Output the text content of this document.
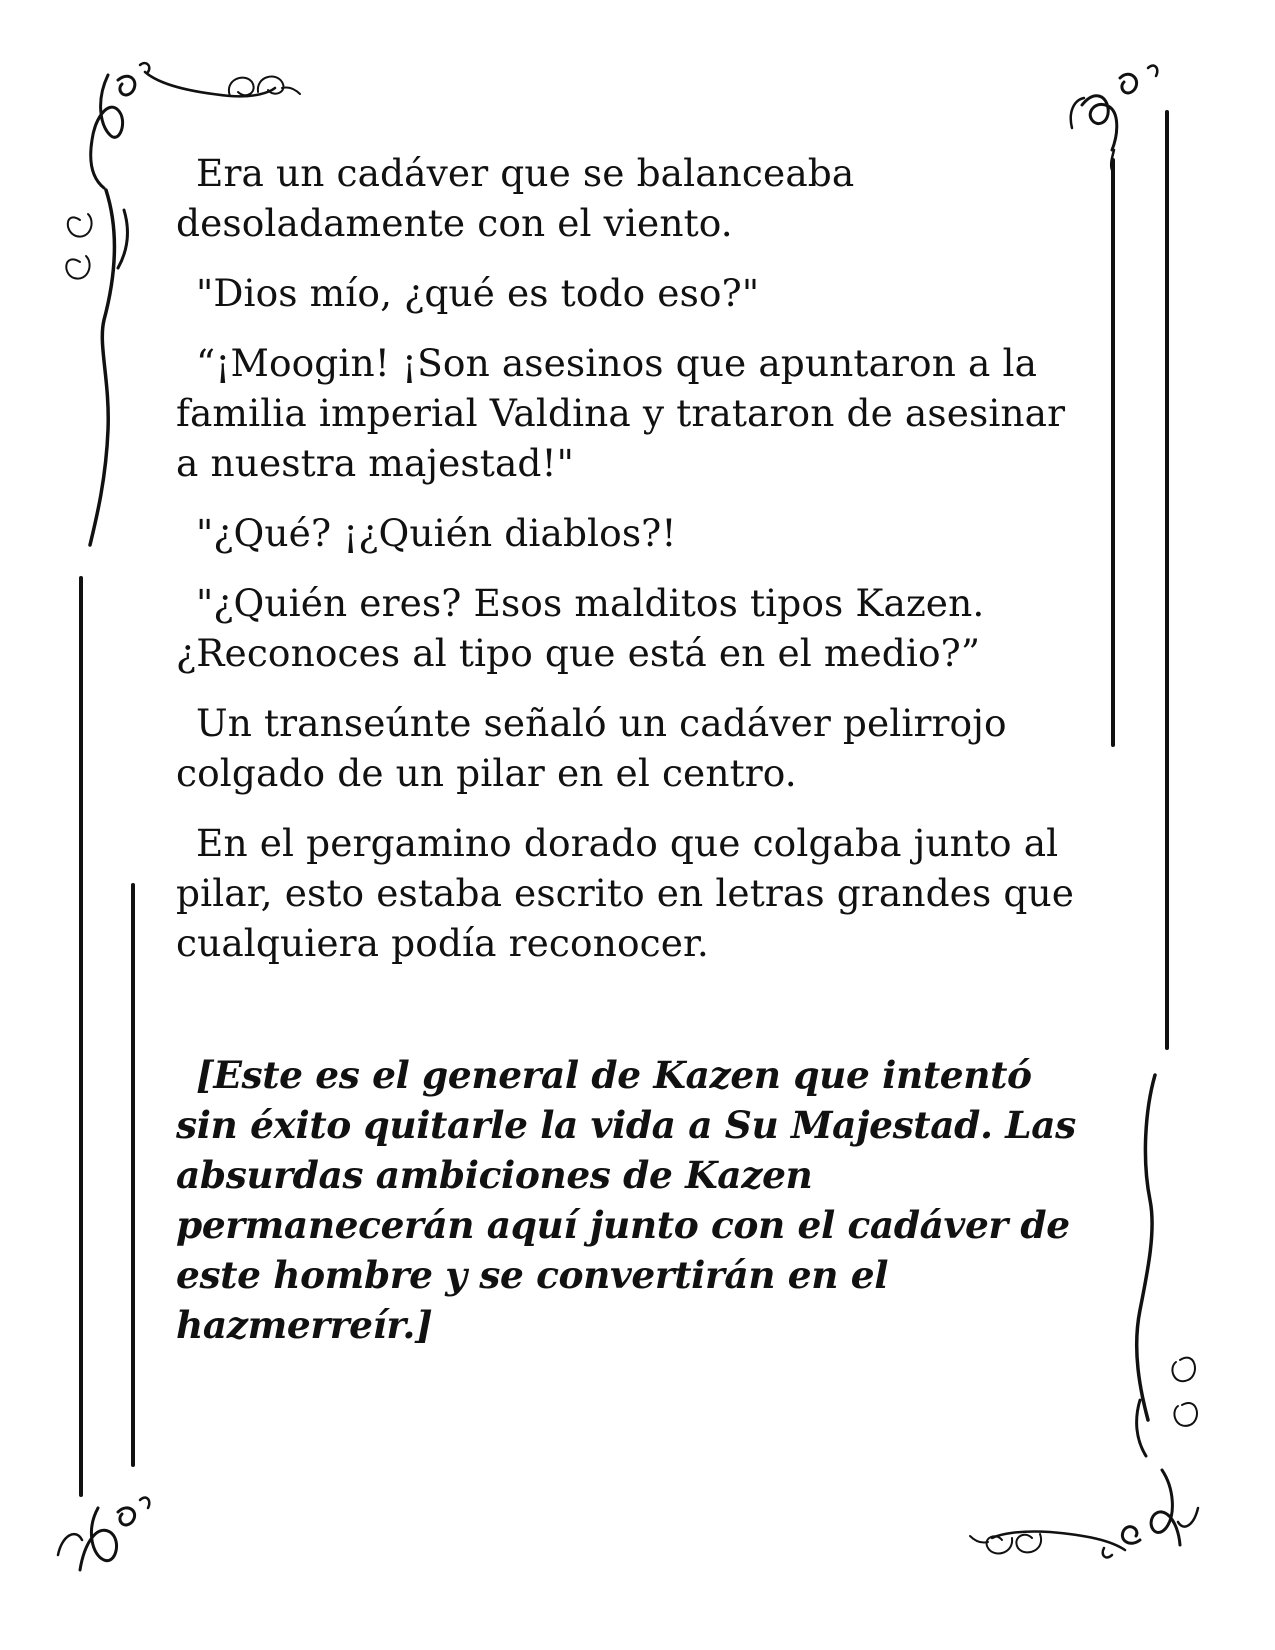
Era un cadáver que se balanceaba desoladamente con el viento.

"Dios mío, ¿qué es todo eso?"

“¡Moogin! ¡Son asesinos que apuntaron a la familia imperial Valdina y trataron de asesinar a nuestra majestad!"

"¿Qué? ¡¿Quién diablos?!

"¿Quién eres? Esos malditos tipos Kazen. ¿Reconoces al tipo que está en el medio?”

Un transeúnte señaló un cadáver pelirrojo colgado de un pilar en el centro.

En el pergamino dorado que colgaba junto al pilar, esto estaba escrito en letras grandes que cualquiera podía reconocer.

[Este es el general de Kazen que intentó sin éxito quitarle la vida a Su Majestad. Las absurdas ambiciones de Kazen permanecerán aquí junto con el cadáver de este hombre y se convertirán en el hazmerreír.]
